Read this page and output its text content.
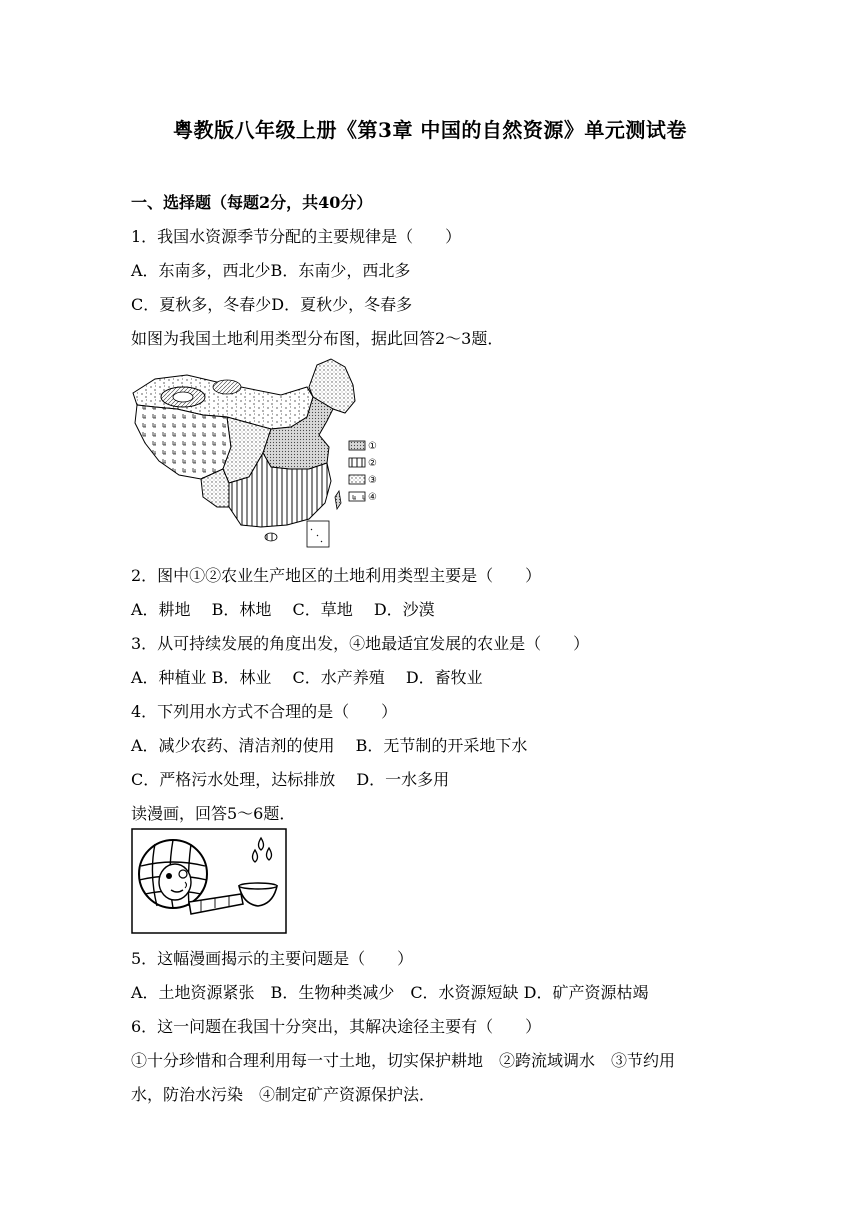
粤教版八年级上册《第3章 中国的自然资源》单元测试卷
一、选择题（每题2分，共40分）
1．我国水资源季节分配的主要规律是（　　）
A．东南多，西北少B．东南少，西北多
C．夏秋多，冬春少D．夏秋少，冬春多
如图为我国土地利用类型分布图，据此回答2～3题．
①
②
③
④
2．图中①②农业生产地区的土地利用类型主要是（　　）
A．耕地　 B．林地　 C．草地　 D．沙漠
3．从可持续发展的角度出发，④地最适宜发展的农业是（　　）
A．种植业 B．林业　 C．水产养殖　 D．畜牧业
4．下列用水方式不合理的是（　　）
A．减少农药、清洁剂的使用　 B．无节制的开采地下水
C．严格污水处理，达标排放　 D．一水多用
读漫画，回答5～6题．
5．这幅漫画揭示的主要问题是（　　）
A．土地资源紧张　B．生物种类减少　C．水资源短缺 D．矿产资源枯竭
6．这一问题在我国十分突出，其解决途径主要有（　　）
①十分珍惜和合理利用每一寸土地，切实保护耕地　②跨流域调水　③节约用
水，防治水污染　④制定矿产资源保护法．
